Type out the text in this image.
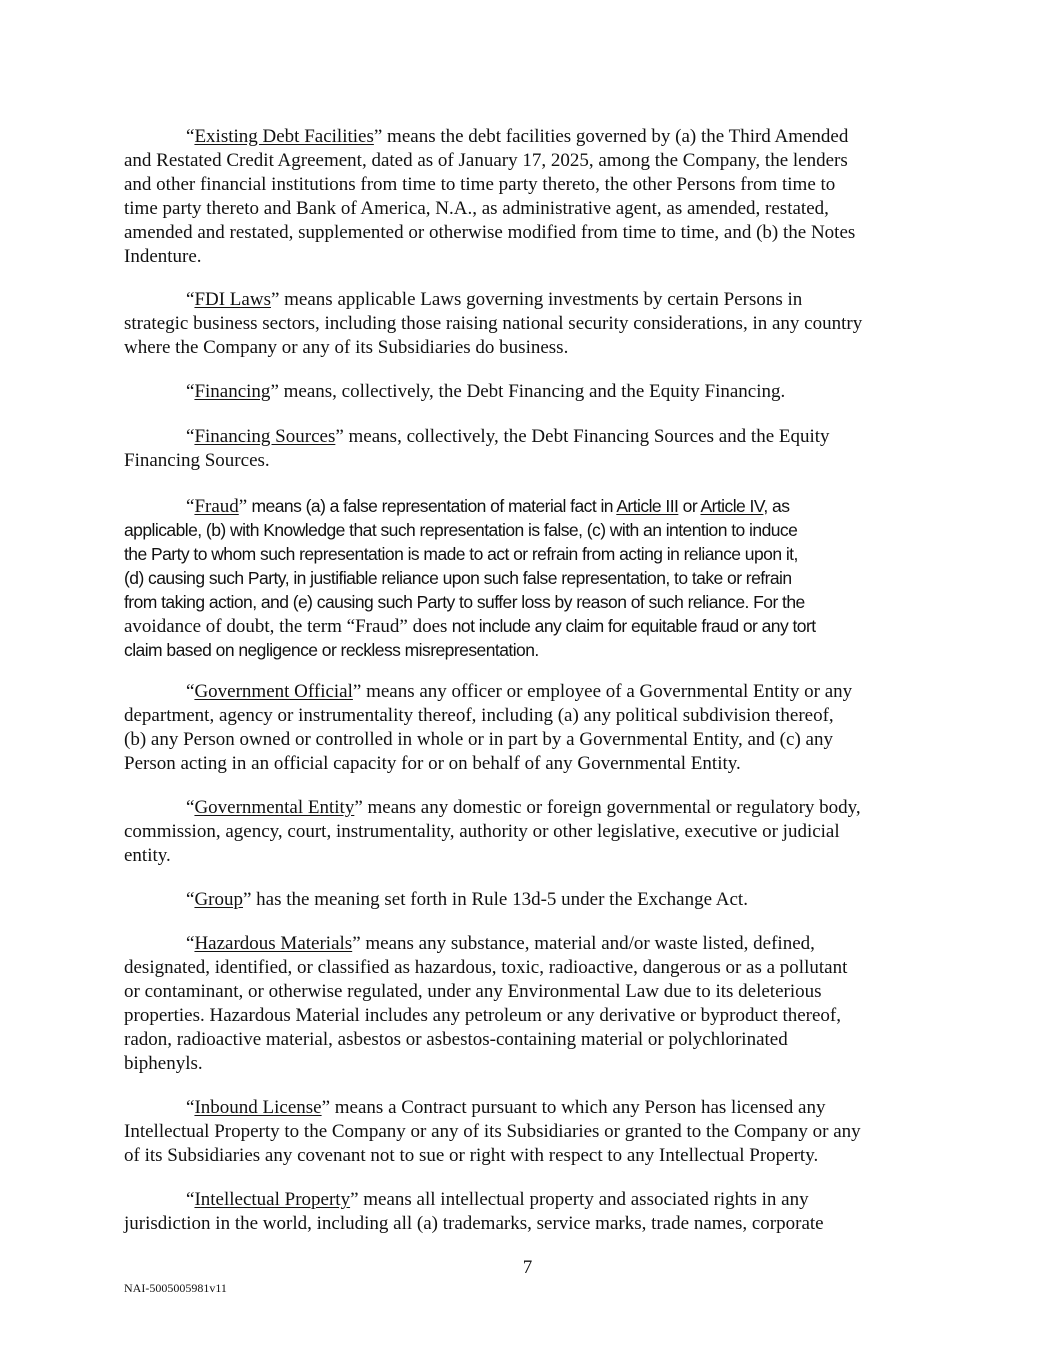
“Existing Debt Facilities” means the debt facilities governed by (a) the Third Amended
and Restated Credit Agreement, dated as of January 17, 2025, among the Company, the lenders
and other financial institutions from time to time party thereto, the other Persons from time to
time party thereto and Bank of America, N.A., as administrative agent, as amended, restated,
amended and restated, supplemented or otherwise modified from time to time, and (b) the Notes
Indenture.
“FDI Laws” means applicable Laws governing investments by certain Persons in
strategic business sectors, including those raising national security considerations, in any country
where the Company or any of its Subsidiaries do business.
“Financing” means, collectively, the Debt Financing and the Equity Financing.
“Financing Sources” means, collectively, the Debt Financing Sources and the Equity
Financing Sources.
“Fraud” means (a) a false representation of material fact in Article III or Article IV, as
applicable, (b) with Knowledge that such representation is false, (c) with an intention to induce
the Party to whom such representation is made to act or refrain from acting in reliance upon it,
(d) causing such Party, in justifiable reliance upon such false representation, to take or refrain
from taking action, and (e) causing such Party to suffer loss by reason of such reliance. For the
avoidance of doubt, the term “Fraud” does not include any claim for equitable fraud or any tort
claim based on negligence or reckless misrepresentation.
“Government Official” means any officer or employee of a Governmental Entity or any
department, agency or instrumentality thereof, including (a) any political subdivision thereof,
(b) any Person owned or controlled in whole or in part by a Governmental Entity, and (c) any
Person acting in an official capacity for or on behalf of any Governmental Entity.
“Governmental Entity” means any domestic or foreign governmental or regulatory body,
commission, agency, court, instrumentality, authority or other legislative, executive or judicial
entity.
“Group” has the meaning set forth in Rule 13d-5 under the Exchange Act.
“Hazardous Materials” means any substance, material and/or waste listed, defined,
designated, identified, or classified as hazardous, toxic, radioactive, dangerous or as a pollutant
or contaminant, or otherwise regulated, under any Environmental Law due to its deleterious
properties. Hazardous Material includes any petroleum or any derivative or byproduct thereof,
radon, radioactive material, asbestos or asbestos-containing material or polychlorinated
biphenyls.
“Inbound License” means a Contract pursuant to which any Person has licensed any
Intellectual Property to the Company or any of its Subsidiaries or granted to the Company or any
of its Subsidiaries any covenant not to sue or right with respect to any Intellectual Property.
“Intellectual Property” means all intellectual property and associated rights in any
jurisdiction in the world, including all (a) trademarks, service marks, trade names, corporate
7
NAI-5005005981v11
